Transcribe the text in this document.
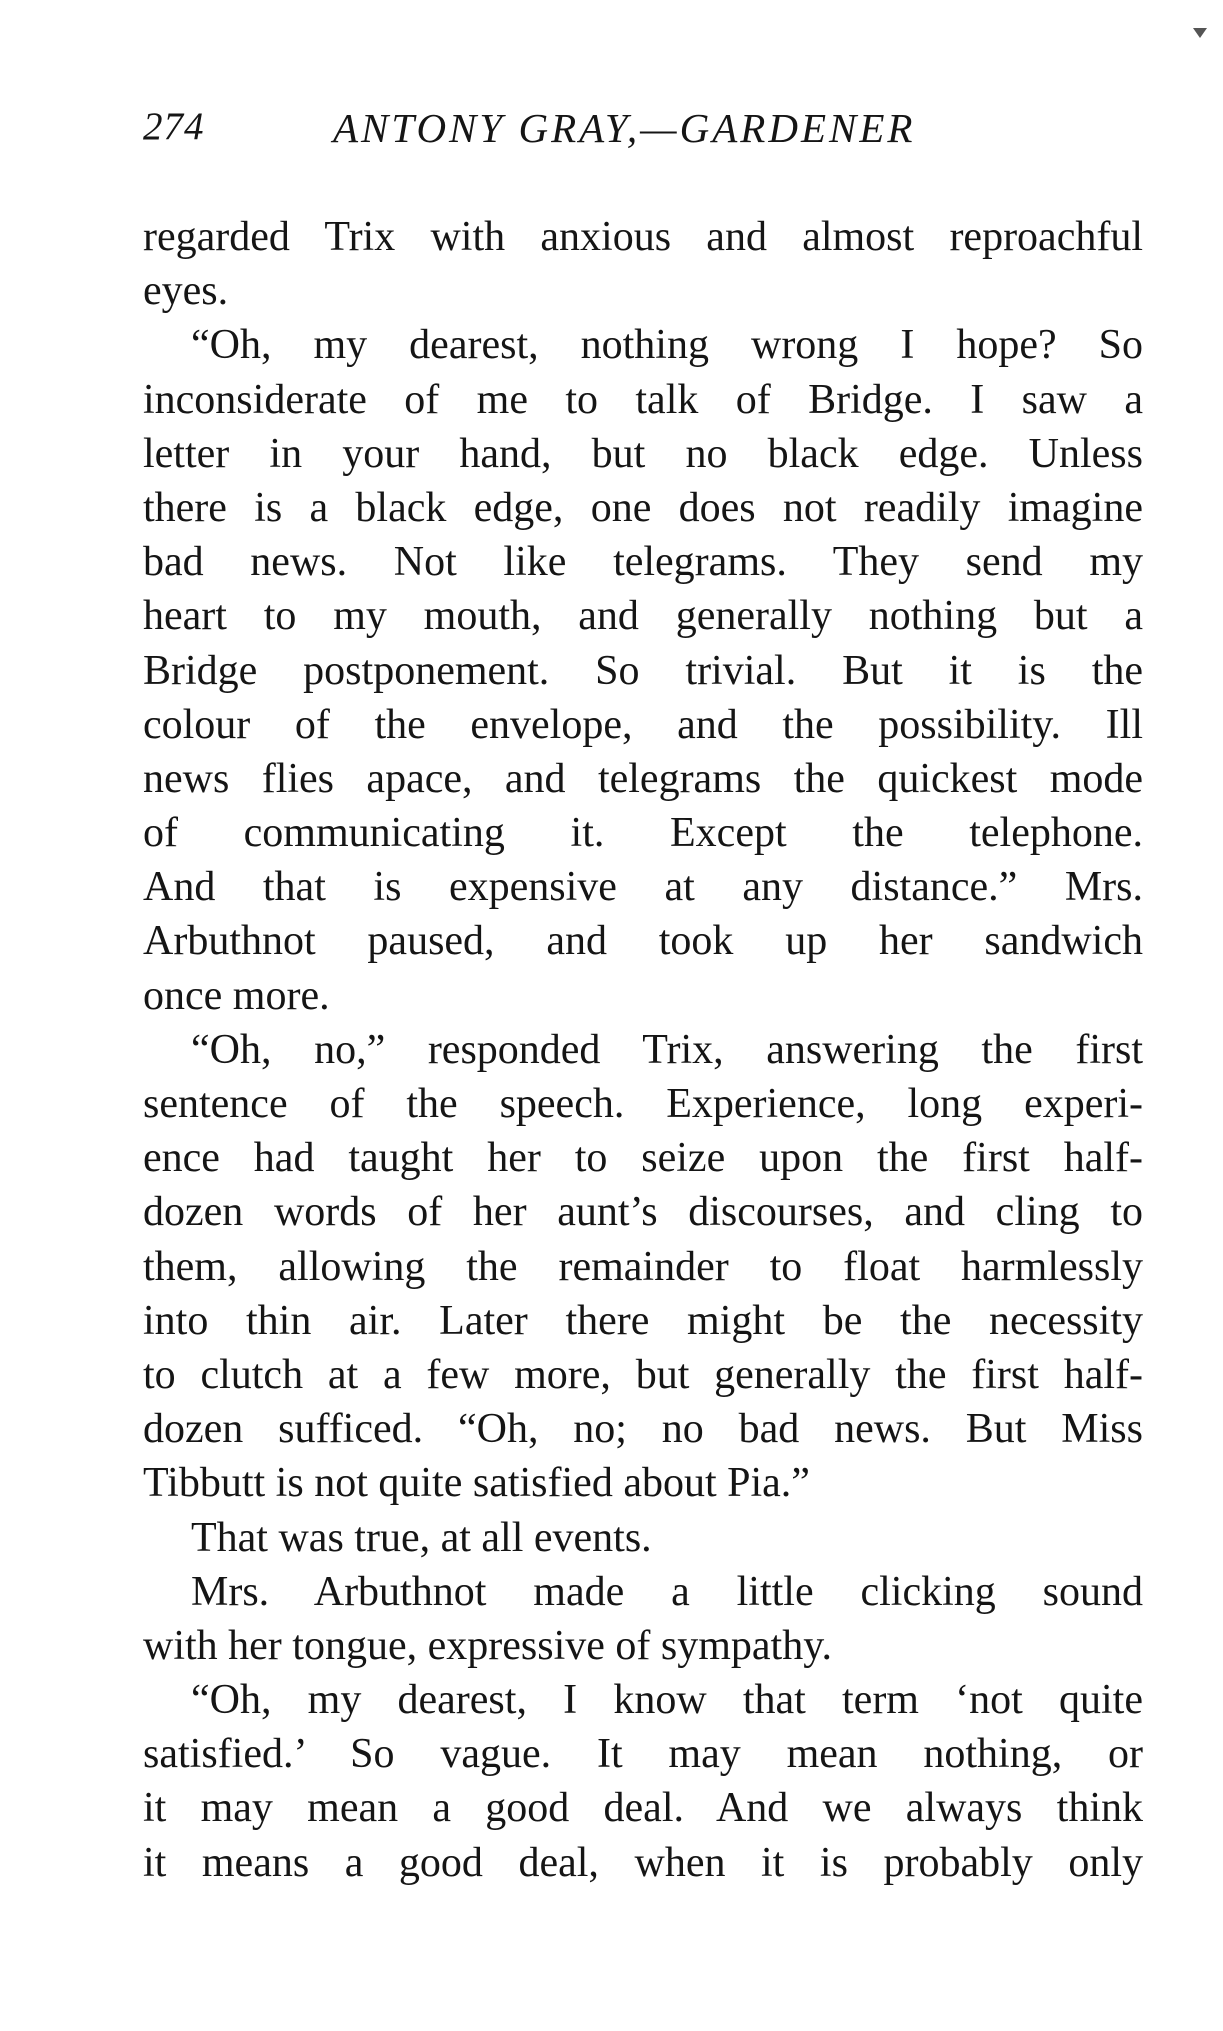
274	ANTONY GRAY,—GARDENER
regarded Trix with anxious and almost reproachful
eyes.
“Oh, my dearest, nothing wrong I hope? So
inconsiderate of me to talk of Bridge. I saw a
letter in your hand, but no black edge. Unless
there is a black edge, one does not readily imagine
bad news. Not like telegrams. They send my
heart to my mouth, and generally nothing but a
Bridge postponement. So trivial. But it is the
colour of the envelope, and the possibility. Ill
news flies apace, and telegrams the quickest mode
of communicating it. Except the telephone.
And that is expensive at any distance.” Mrs.
Arbuthnot paused, and took up her sandwich
once more.
“Oh, no,” responded Trix, answering the first
sentence of the speech. Experience, long experi-
ence had taught her to seize upon the first half-
dozen words of her aunt’s discourses, and cling to
them, allowing the remainder to float harmlessly
into thin air. Later there might be the necessity
to clutch at a few more, but generally the first half-
dozen sufficed. “Oh, no; no bad news. But Miss
Tibbutt is not quite satisfied about Pia.”
That was true, at all events.
Mrs. Arbuthnot made a little clicking sound
with her tongue, expressive of sympathy.
“Oh, my dearest, I know that term ‘not quite
satisfied.’ So vague. It may mean nothing, or
it may mean a good deal. And we always think
it means a good deal, when it is probably only
